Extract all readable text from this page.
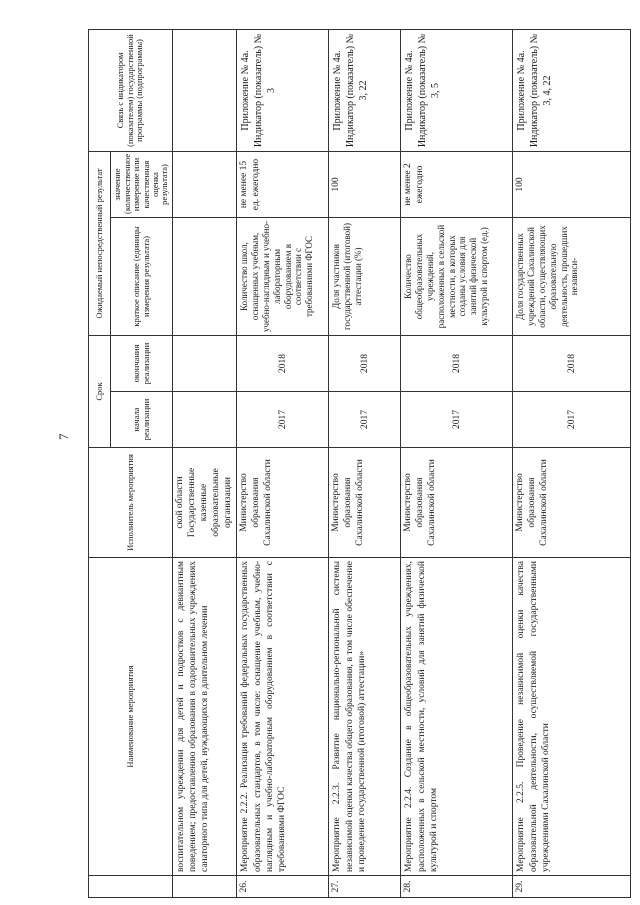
7
	Наименование мероприятия	Исполнитель мероприятия	Срок		Ожидаемый непосредственный результат		Связь с индикатором (показателем) государственной программы (подпрограммы)
			начала реализации	окончания реализации	краткое описание (единицы измерения результата)	значение (количественное измерение или качественная оценка результата)	
	воспитательном учреждении для детей и подростков с девиантным поведением; предоставлению образования в оздоровительных учреждениях санаторного типа для детей, нуждающихся в длительном лечении	ской области Государственные казенные образовательные организации					
26.	Мероприятие 2.2.2. Реализация требований федеральных государственных образовательных стандартов, в том числе: оснащение учебным, учебно-наглядным и учебно-лабораторным оборудованием в соответствии с требованиями ФГОС	Министерство образования Сахалинской области	2017	2018	Количество школ, оснащенных учебным, учебно-наглядным и учебно-лабораторным оборудованием в соответствии с требованиями ФГОС	не менее 15 ед. ежегодно	Приложение № 4а. Индикатор (показатель) № 3
27.	Мероприятие 2.2.3. Развитие национально-региональной системы независимой оценки качества общего образования, в том числе обеспечение и проведение государственной (итоговой) аттестации»	Министерство образования Сахалинской области	2017	2018	Доля участников государственной (итоговой) аттестации (%)	100	Приложение № 4а. Индикатор (показатель) № 3, 22
28.	Мероприятие 2.2.4. Создание в общеобразовательных учреждениях, расположенных в сельской местности, условий для занятий физической культурой и спортом	Министерство образования Сахалинской области	2017	2018	Количество общеобразовательных учреждений, расположенных в сельской местности, в которых созданы условия для занятий физической культурой и спортом (ед.)	не менее 2 ежегодно	Приложение № 4а. Индикатор (показатель) № 3, 5
29.	Мероприятие 2.2.5. Проведение независимой оценки качества образовательной деятельности, осуществляемой государственными учреждениями Сахалинской области	Министерство образования Сахалинской области	2017	2018	Доля государственных учреждений Сахалинской области, осуществляющих образовательную деятельность, прошедших независи-	100	Приложение № 4а. Индикатор (показатель) № 3, 4, 22
